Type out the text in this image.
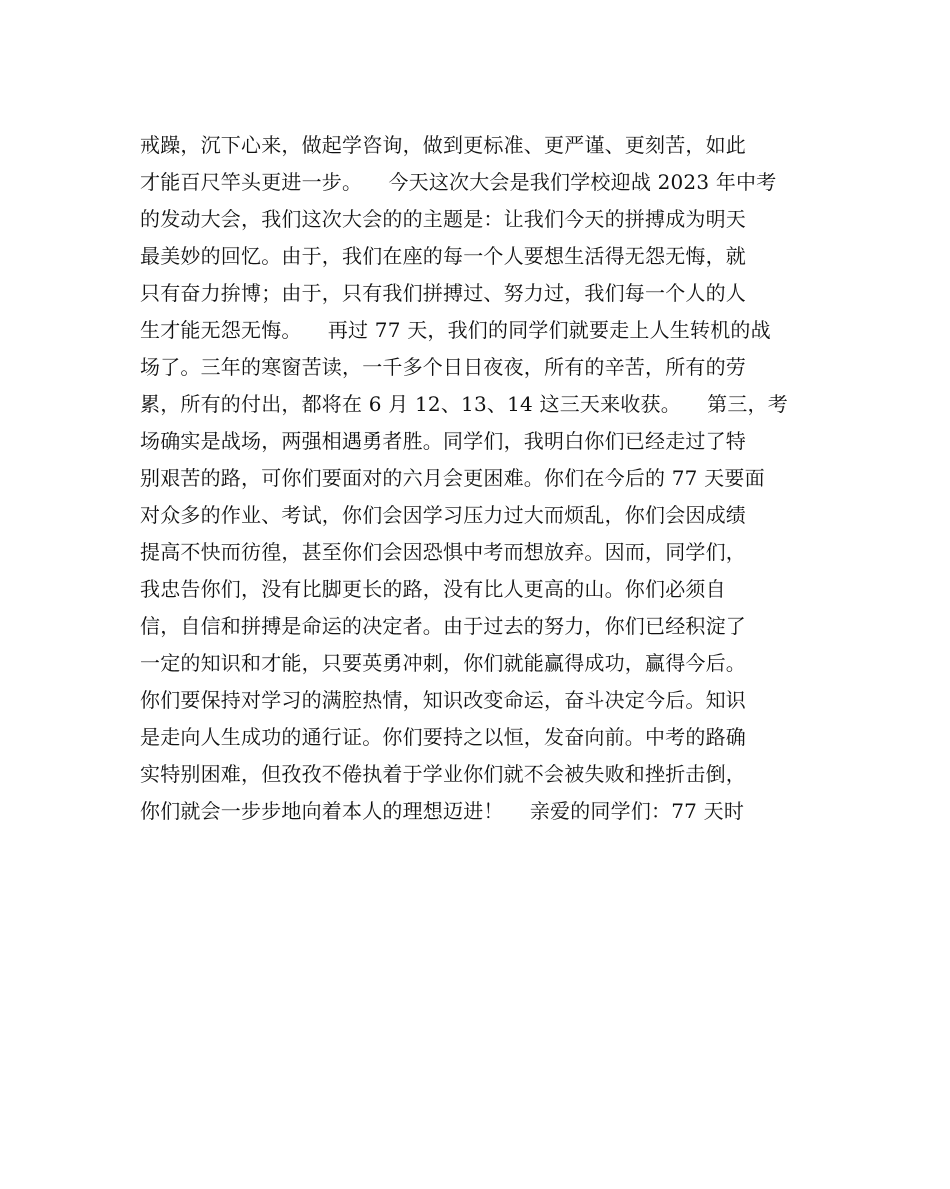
戒躁，沉下心来，做起学咨询，做到更标准、更严谨、更刻苦，如此
才能百尺竿头更进一步。    今天这次大会是我们学校迎战 2023 年中考
的发动大会，我们这次大会的的主题是：让我们今天的拼搏成为明天
最美妙的回忆。由于，我们在座的每一个人要想生活得无怨无悔，就
只有奋力拚博；由于，只有我们拼搏过、努力过，我们每一个人的人
生才能无怨无悔。    再过 77 天，我们的同学们就要走上人生转机的战
场了。三年的寒窗苦读，一千多个日日夜夜，所有的辛苦，所有的劳
累，所有的付出，都将在 6 月 12、13、14 这三天来收获。    第三，考
场确实是战场，两强相遇勇者胜。同学们，我明白你们已经走过了特
别艰苦的路，可你们要面对的六月会更困难。你们在今后的 77 天要面
对众多的作业、考试，你们会因学习压力过大而烦乱，你们会因成绩
提高不快而彷徨，甚至你们会因恐惧中考而想放弃。因而，同学们，
我忠告你们，没有比脚更长的路，没有比人更高的山。你们必须自
信，自信和拼搏是命运的决定者。由于过去的努力，你们已经积淀了
一定的知识和才能，只要英勇冲刺，你们就能赢得成功，赢得今后。
你们要保持对学习的满腔热情，知识改变命运，奋斗决定今后。知识
是走向人生成功的通行证。你们要持之以恒，发奋向前。中考的路确
实特别困难，但孜孜不倦执着于学业你们就不会被失败和挫折击倒，
你们就会一步步地向着本人的理想迈进！    亲爱的同学们：77 天时
